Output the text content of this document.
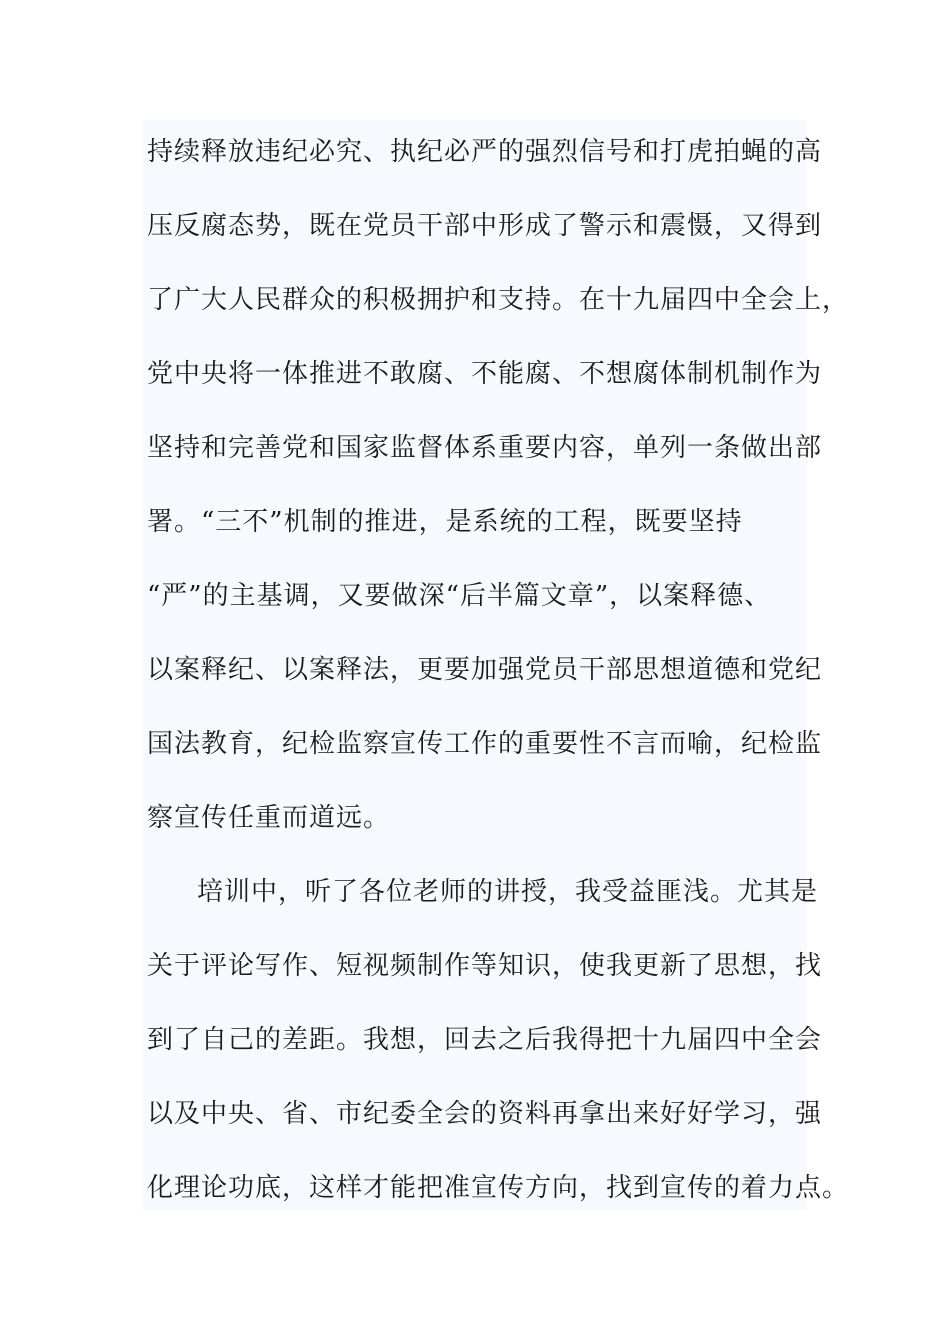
持续释放违纪必究、执纪必严的强烈信号和打虎拍蝇的高
压反腐态势，既在党员干部中形成了警示和震慑，又得到
了广大人民群众的积极拥护和支持。在十九届四中全会上，
党中央将一体推进不敢腐、不能腐、不想腐体制机制作为
坚持和完善党和国家监督体系重要内容，单列一条做出部
署。“三不”机制的推进，是系统的工程，既要坚持
“严”的主基调，又要做深“后半篇文章”，以案释德、
以案释纪、以案释法，更要加强党员干部思想道德和党纪
国法教育，纪检监察宣传工作的重要性不言而喻，纪检监
察宣传任重而道远。
培训中，听了各位老师的讲授，我受益匪浅。尤其是
关于评论写作、短视频制作等知识，使我更新了思想，找
到了自己的差距。我想，回去之后我得把十九届四中全会
以及中央、省、市纪委全会的资料再拿出来好好学习，强
化理论功底，这样才能把准宣传方向，找到宣传的着力点。
